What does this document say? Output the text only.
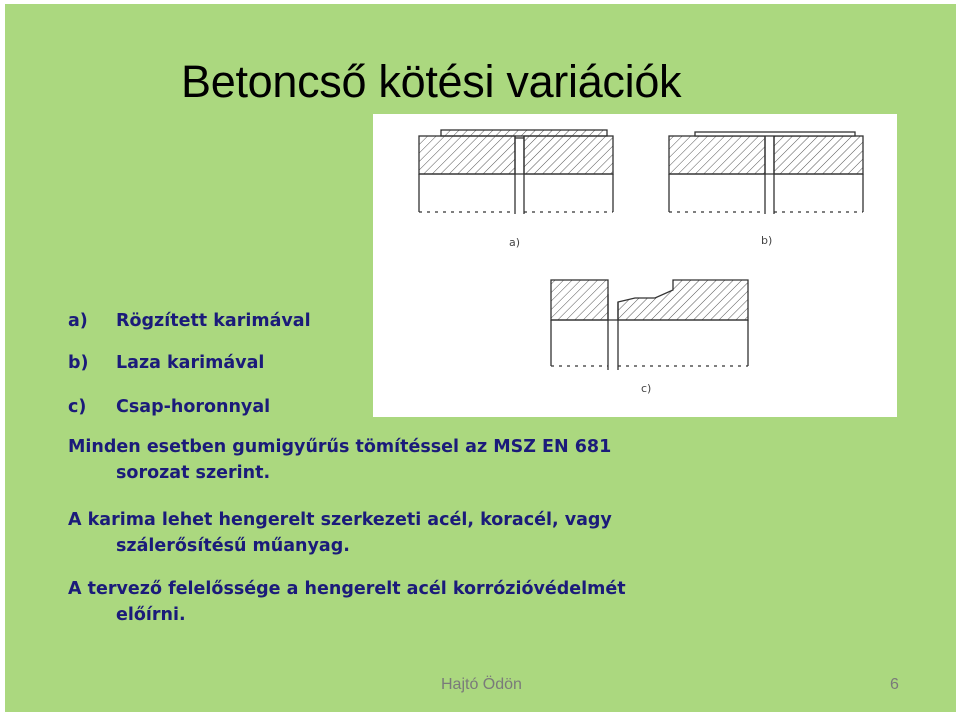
Betoncső kötési variációk
a)	b)
c)
a) Rögzített karimával
b) Laza karimával
c) Csap-horonnyal
Minden esetben gumigyűrűs tömítéssel az MSZ EN 681
sorozat szerint.
A karima lehet hengerelt szerkezeti acél, koracél, vagy
szálerősítésű műanyag.
A tervező felelőssége a hengerelt acél korrózióvédelmét
előírni.
Hajtó Ödön	6
